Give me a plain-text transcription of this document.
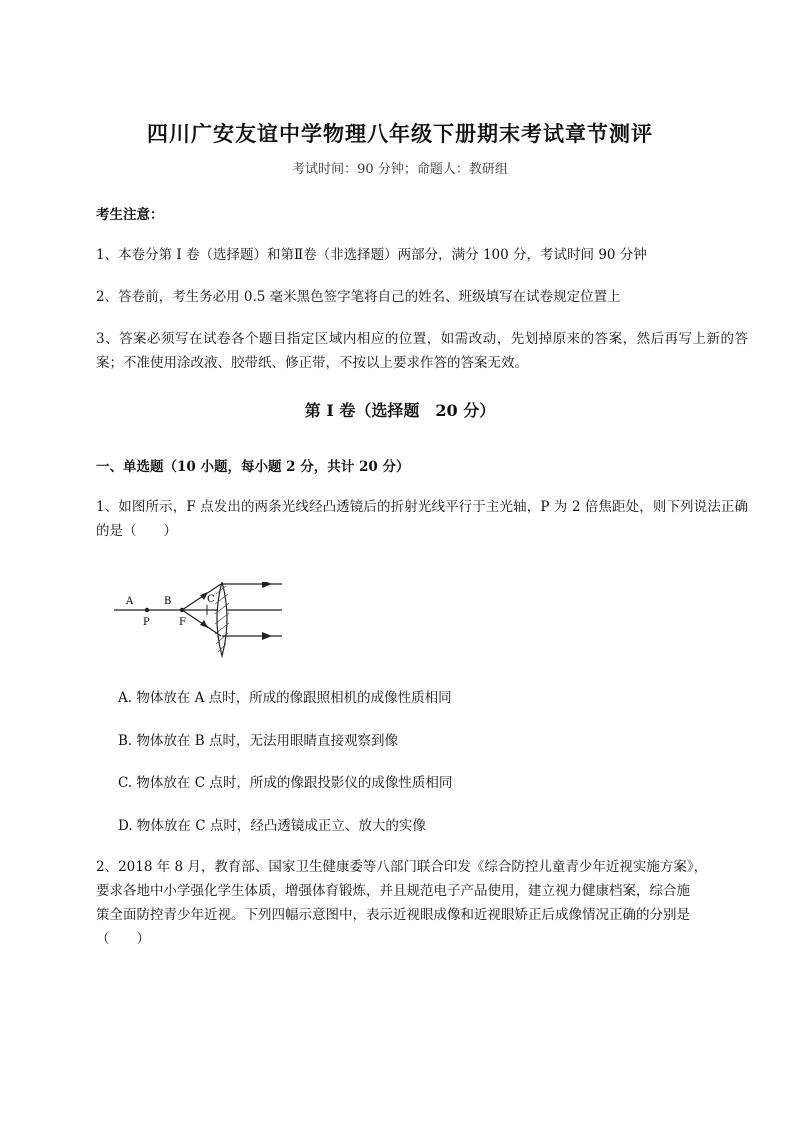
四川广安友谊中学物理八年级下册期末考试章节测评
考试时间：90 分钟；命题人：教研组
考生注意：
1、本卷分第 I 卷（选择题）和第Ⅱ卷（非选择题）两部分，满分 100 分，考试时间 90 分钟
2、答卷前，考生务必用 0.5 毫米黑色签字笔将自己的姓名、班级填写在试卷规定位置上
3、答案必须写在试卷各个题目指定区域内相应的位置，如需改动，先划掉原来的答案，然后再写上新的答案；不准使用涂改液、胶带纸、修正带，不按以上要求作答的答案无效。
第 I 卷（选择题　20 分）
一、单选题（10 小题，每小题 2 分，共计 20 分）
1、如图所示，F 点发出的两条光线经凸透镜后的折射光线平行于主光轴，P 为 2 倍焦距处，则下列说法正确的是（　　）
A	B	C
P	F
A. 物体放在 A 点时，所成的像跟照相机的成像性质相同
B. 物体放在 B 点时，无法用眼睛直接观察到像
C. 物体放在 C 点时，所成的像跟投影仪的成像性质相同
D. 物体放在 C 点时，经凸透镜成正立、放大的实像
2、2018 年 8 月，教育部、国家卫生健康委等八部门联合印发《综合防控儿童青少年近视实施方案》，
要求各地中小学强化学生体质，增强体育锻炼，并且规范电子产品使用，建立视力健康档案，综合施
策全面防控青少年近视。下列四幅示意图中，表示近视眼成像和近视眼矫正后成像情况正确的分别是
（　　）
